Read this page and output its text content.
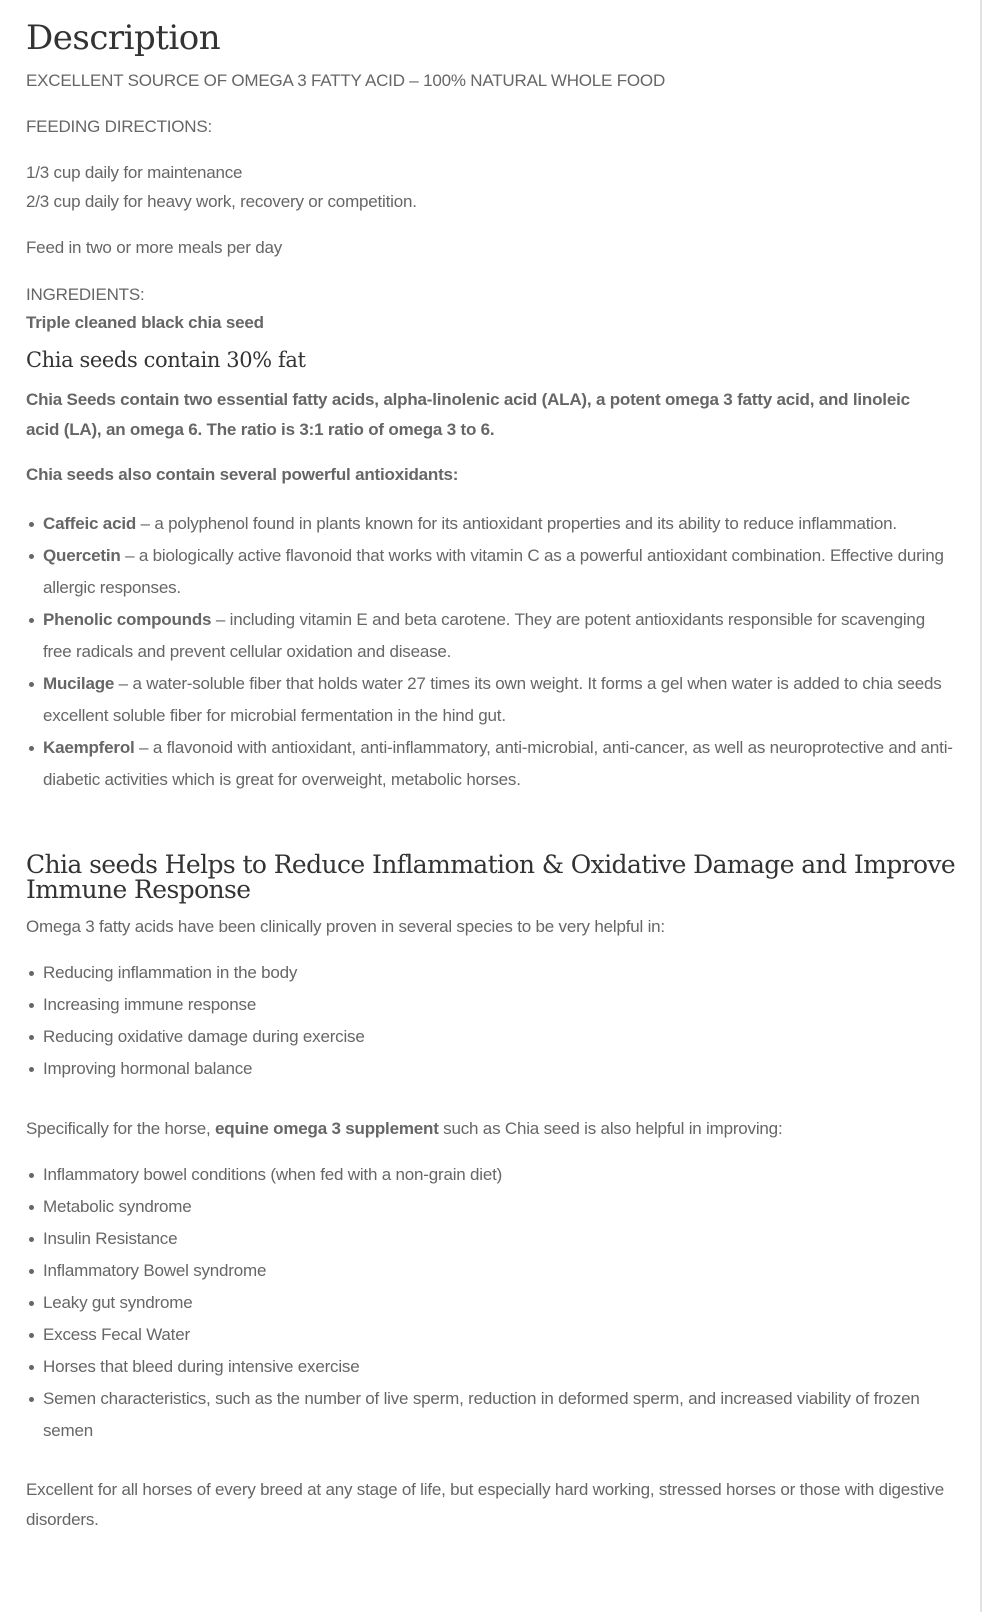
Description

EXCELLENT SOURCE OF OMEGA 3 FATTY ACID – 100% NATURAL WHOLE FOOD

FEEDING DIRECTIONS:

1/3 cup daily for maintenance

2/3 cup daily for heavy work, recovery or competition.

Feed in two or more meals per day

INGREDIENTS:

Triple cleaned black chia seed

Chia seeds contain 30% fat

Chia Seeds contain two essential fatty acids, alpha-linolenic acid (ALA), a potent omega 3 fatty acid, and linoleic acid (LA), an omega 6. The ratio is 3:1 ratio of omega 3 to 6.

Chia seeds also contain several powerful antioxidants:

Caffeic acid – a polyphenol found in plants known for its antioxidant properties and its ability to reduce inflammation.
Quercetin – a biologically active flavonoid that works with vitamin C as a powerful antioxidant combination. Effective during allergic responses.
Phenolic compounds – including vitamin E and beta carotene. They are potent antioxidants responsible for scavenging free radicals and prevent cellular oxidation and disease.
Mucilage – a water-soluble fiber that holds water 27 times its own weight. It forms a gel when water is added to chia seeds excellent soluble fiber for microbial fermentation in the hind gut.
Kaempferol – a flavonoid with antioxidant, anti-inflammatory, anti-microbial, anti-cancer, as well as neuroprotective and anti-diabetic activities which is great for overweight, metabolic horses.
Chia seeds Helps to Reduce Inflammation & Oxidative Damage and Improve Immune Response

Omega 3 fatty acids have been clinically proven in several species to be very helpful in:

Reducing inflammation in the body
Increasing immune response
Reducing oxidative damage during exercise
Improving hormonal balance

Specifically for the horse, equine omega 3 supplement such as Chia seed is also helpful in improving:

Inflammatory bowel conditions (when fed with a non-grain diet)
Metabolic syndrome
Insulin Resistance
Inflammatory Bowel syndrome
Leaky gut syndrome
Excess Fecal Water
Horses that bleed during intensive exercise
Semen characteristics, such as the number of live sperm, reduction in deformed sperm, and increased viability of frozen semen

Excellent for all horses of every breed at any stage of life, but especially hard working, stressed horses or those with digestive disorders.
